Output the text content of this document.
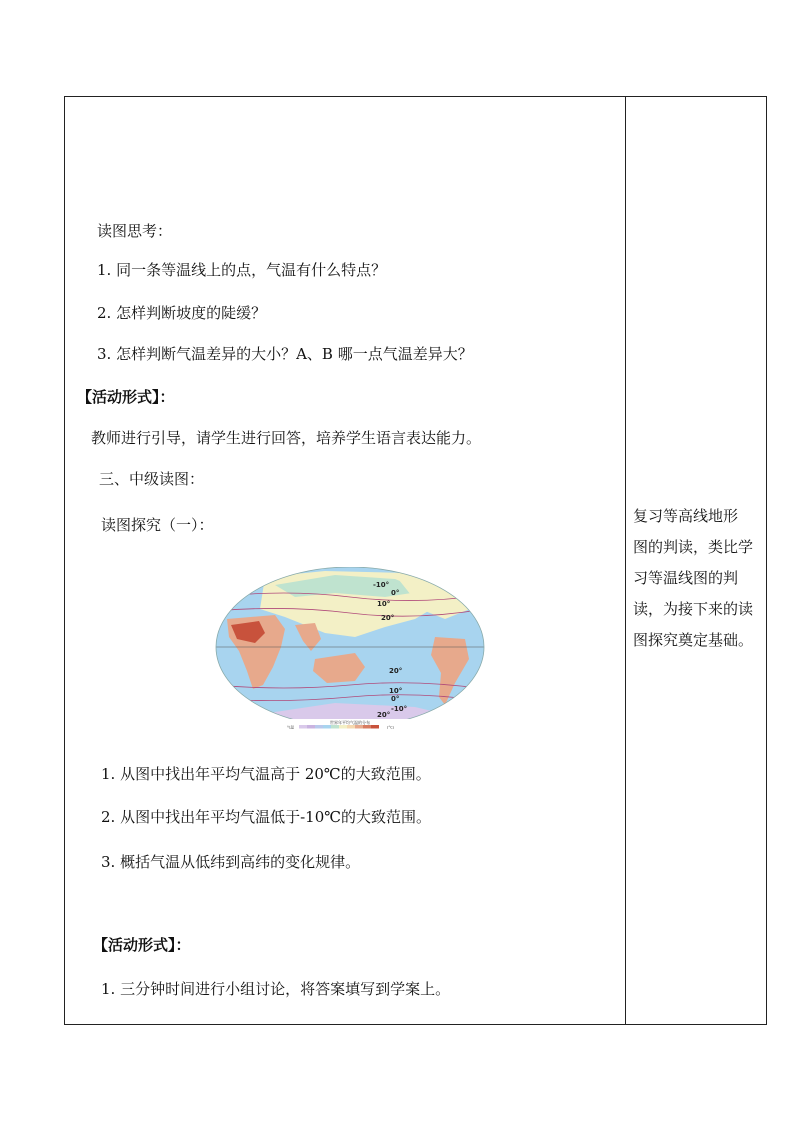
读图思考：
1. 同一条等温线上的点，气温有什么特点？
2. 怎样判断坡度的陡缓？
3. 怎样判断气温差异的大小？A、B 哪一点气温差异大？
【活动形式】：
教师进行引导，请学生进行回答，培养学生语言表达能力。
三、中级读图：
读图探究（一）：
-10°
0°
10°
20°
20°
10°
0°
-10°
20°
世界年平均气温的分布
气温	(°C)
1. 从图中找出年平均气温高于 20℃的大致范围。
2. 从图中找出年平均气温低于-10℃的大致范围。
3. 概括气温从低纬到高纬的变化规律。
【活动形式】：
1. 三分钟时间进行小组讨论，将答案填写到学案上。
复习等高线地形
图的判读，类比学
习等温线图的判
读，为接下来的读
图探究奠定基础。
